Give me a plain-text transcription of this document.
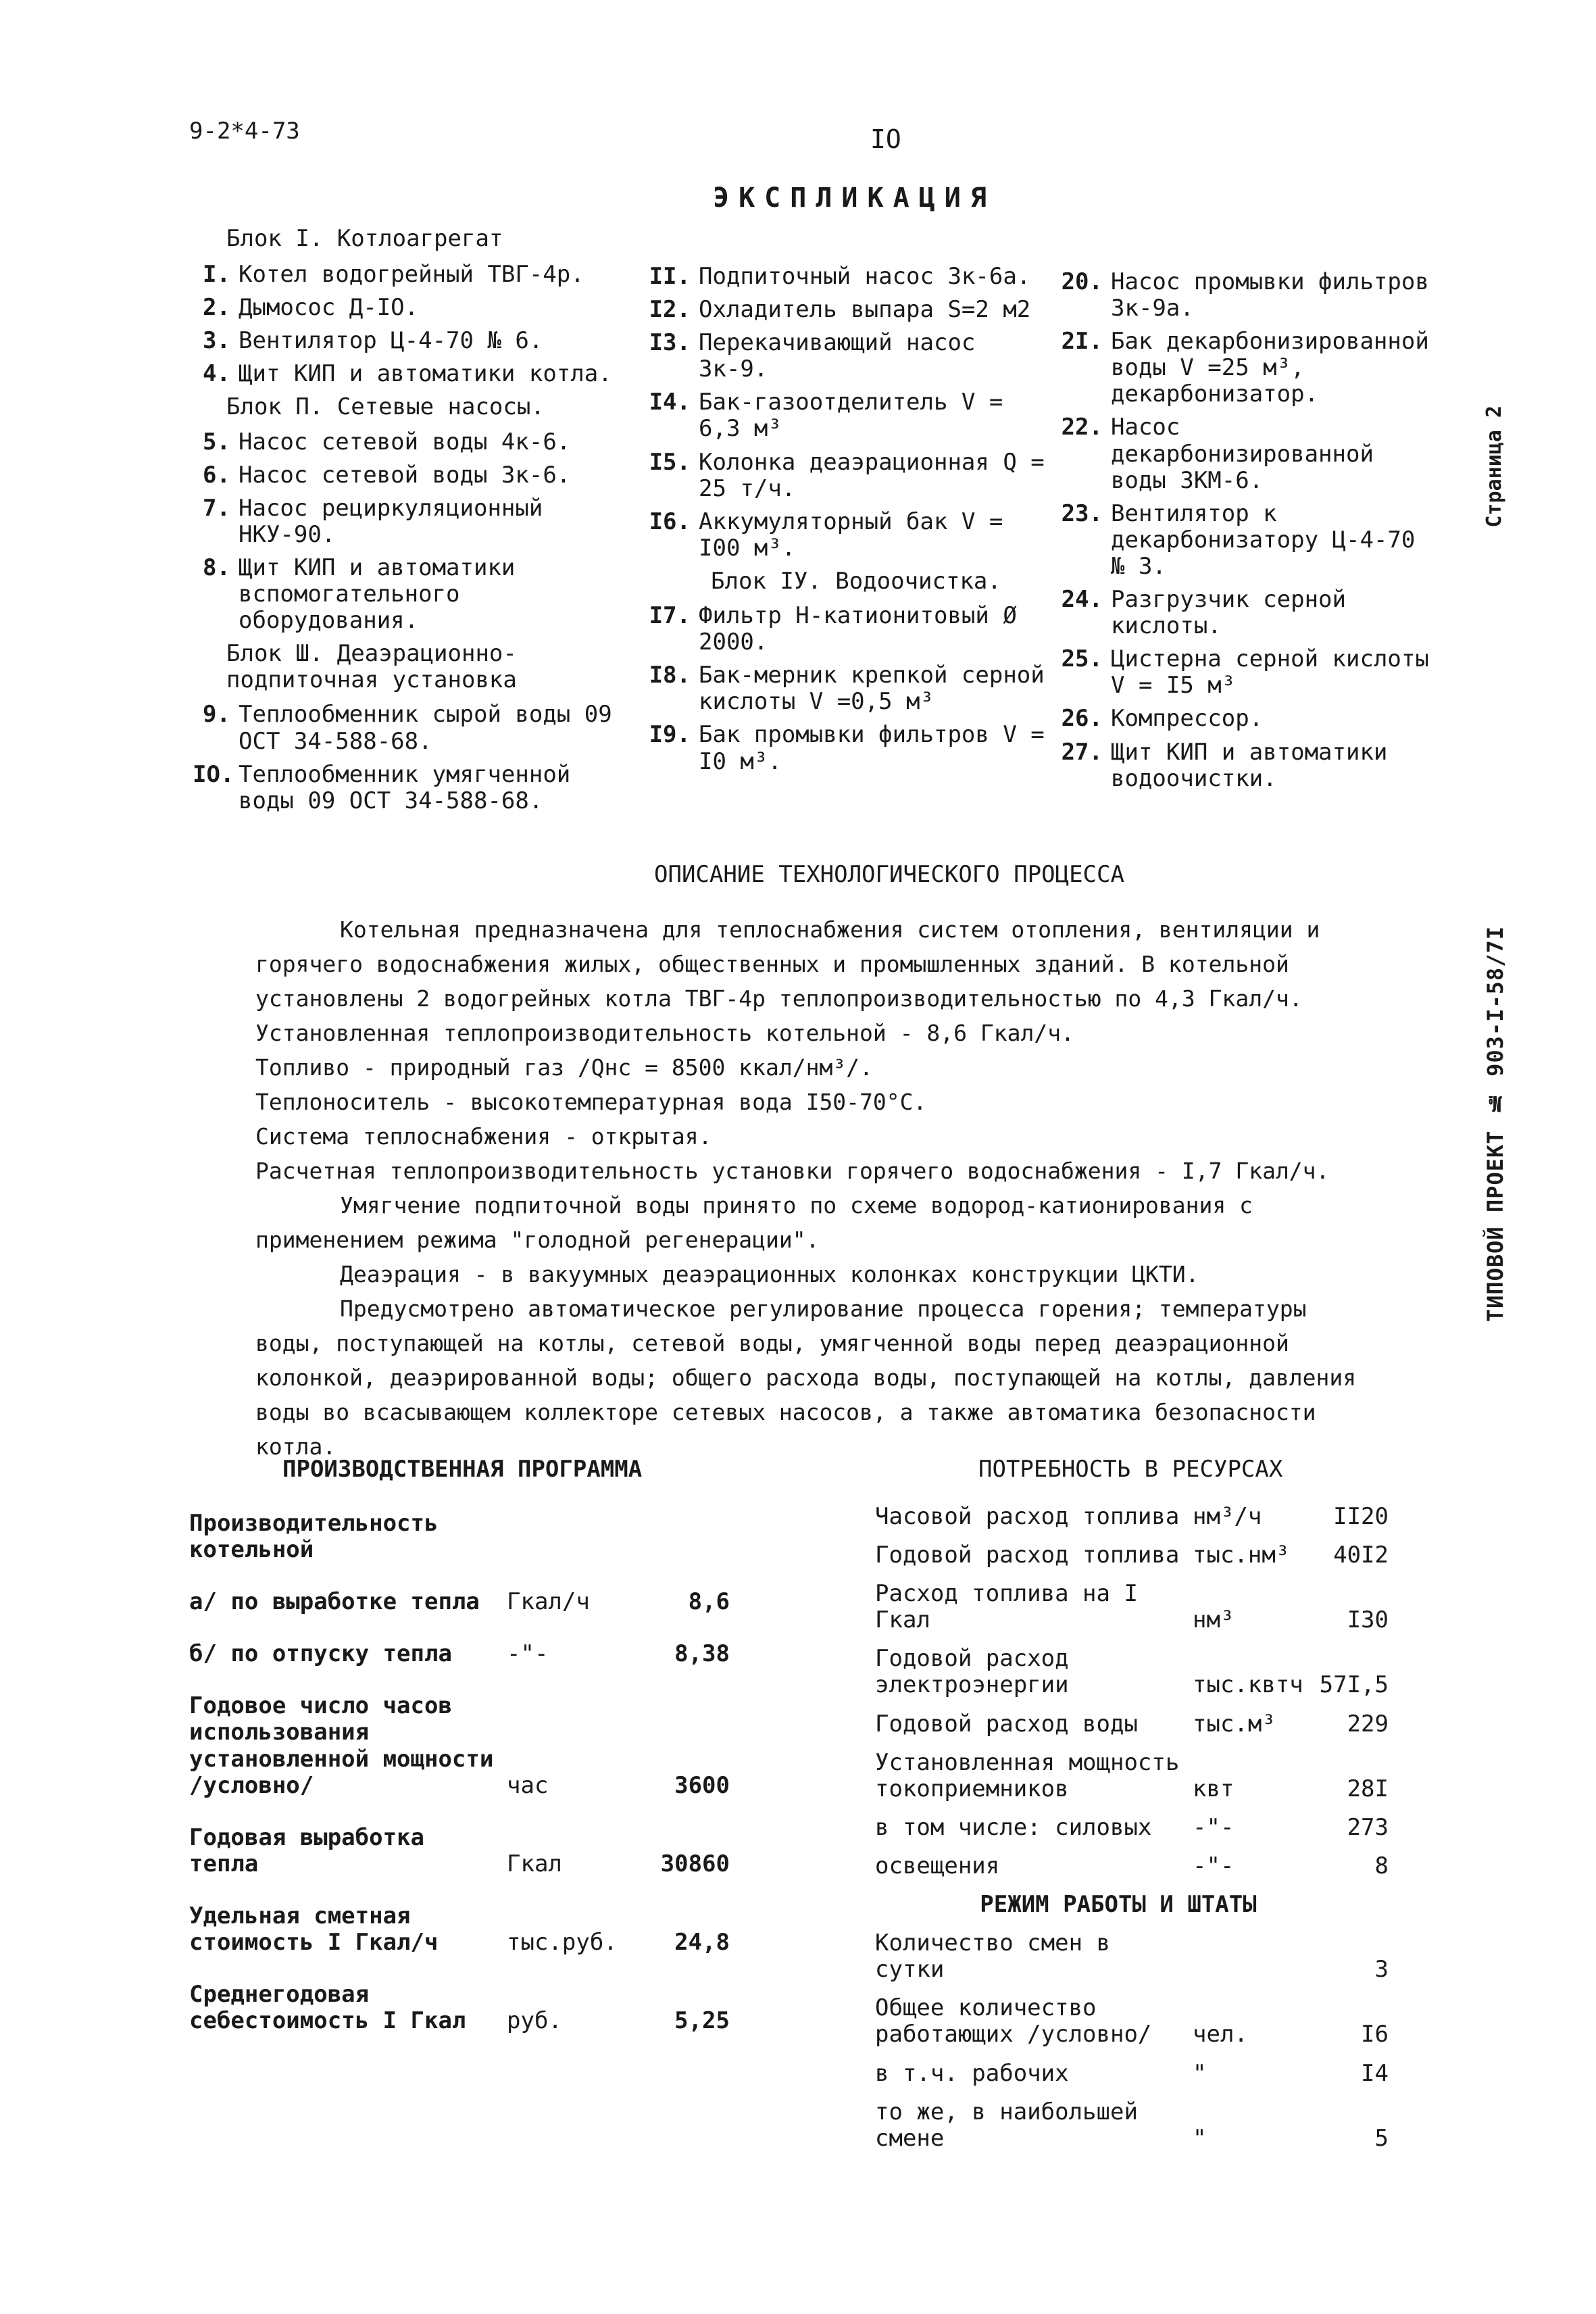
9-2*4-73	IO
ЭКСПЛИКАЦИЯ
Блок I. Котлоагрегат
I. Котел водогрейный ТВГ-4р.
2. Дымосос Д-IO.
3. Вентилятор Ц-4-70 № 6.
4. Щит КИП и автоматики котла.
Блок П. Сетевые насосы.
5. Насос сетевой воды 4к-6.
6. Насос сетевой воды 3к-6.
7. Насос рециркуляционный НКУ-90.
8. Щит КИП и автоматики вспомогательного оборудования.
Блок Ш. Деаэрационно-подпиточная установка
9. Теплообменник сырой воды 09 ОСТ 34-588-68.
IO. Теплообменник умягченной воды 09 ОСТ 34-588-68.
II. Подпиточный насос 3к-6а.
I2. Охладитель выпара S=2 м2
I3. Перекачивающий насос 3к-9.
I4. Бак-газоотделитель V = 6,3 м³
I5. Колонка деаэрационная Q = 25 т/ч.
I6. Аккумуляторный бак V = I00 м³.
Блок IУ. Водоочистка.
I7. Фильтр Н-катионитовый Ø 2000.
I8. Бак-мерник крепкой серной кислоты V =0,5 м³
I9. Бак промывки фильтров V = I0 м³.
20. Насос промывки фильтров 3к-9а.
2I. Бак декарбонизированной воды V =25 м³, декарбонизатор.
22. Насос декарбонизированной воды 3КМ-6.
23. Вентилятор к декарбонизатору Ц-4-70 № 3.
24. Разгрузчик серной кислоты.
25. Цистерна серной кислоты V = I5 м³
26. Компрессор.
27. Щит КИП и автоматики водоочистки.
Страница 2
ТИПОВОЙ ПРОЕКТ № 903-I-58/7I
ОПИСАНИЕ ТЕХНОЛОГИЧЕСКОГО ПРОЦЕССА

Котельная предназначена для теплоснабжения систем отопления, вентиляции и горячего водоснабжения жилых, общественных и промышленных зданий. В котельной установлены 2 водогрейных котла ТВГ-4р теплопроизводительностью по 4,3 Гкал/ч.

Установленная теплопроизводительность котельной - 8,6 Гкал/ч.

Топливо - природный газ /Qнс = 8500 ккал/нм³/.

Теплоноситель - высокотемпературная вода I50-70°С.

Система теплоснабжения - открытая.

Расчетная теплопроизводительность установки горячего водоснабжения - I,7 Гкал/ч.

Умягчение подпиточной воды принято по схеме водород-катионирования с применением режима "голодной регенерации".

Деаэрация - в вакуумных деаэрационных колонках конструкции ЦКТИ.

Предусмотрено автоматическое регулирование процесса горения; температуры воды, поступающей на котлы, сетевой воды, умягченной воды перед деаэрационной колонкой, деаэрированной воды; общего расхода воды, поступающей на котлы, давления воды во всасывающем коллекторе сетевых насосов, а также автоматика безопасности котла.

ПРОИЗВОДСТВЕННАЯ ПРОГРАММА	ПОТРЕБНОСТЬ В РЕСУРСАХ
Производительность котельной
а/ по выработке тепла	Гкал/ч	8,6
б/ по отпуску тепла	-"-	8,38
Годовое число часов использования установленной мощности /условно/	час	3600
Годовая выработка тепла	Гкал	30860
Удельная сметная стоимость I Гкал/ч	тыс.руб.	24,8
Среднегодовая себестоимость I Гкал	руб.	5,25
Часовой расход топлива нм³/ч	II20
Годовой расход топлива тыс.нм³	40I2
Расход топлива на I Гкал	нм³	I30
Годовой расход электроэнергии	тыс.квтч 57I,5
Годовой расход воды	тыс.м³	229
Установленная мощность токоприемников	квт	28I
в том числе: силовых	-"-	273
освещения	-"-	8
РЕЖИМ РАБОТЫ И ШТАТЫ
Количество смен в сутки	3
Общее количество работающих /условно/	чел.	I6
в т.ч. рабочих	"	I4
то же, в наибольшей смене	"	5
